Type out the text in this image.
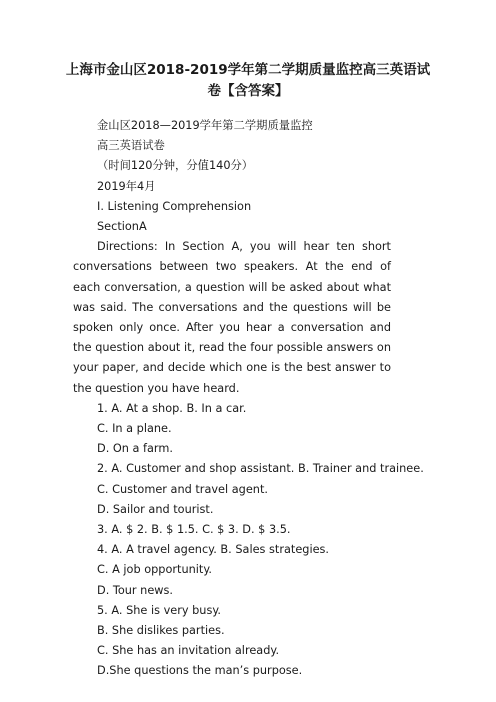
上海市金山区2018-2019学年第二学期质量监控高三英语试卷【含答案】
金山区2018—2019学年第二学期质量监控
高三英语试卷
（时间120分钟，分值140分）
2019年4月
I. Listening Comprehension
SectionA
Directions: In Section A, you will hear ten short conversations between two speakers. At the end of each conversation, a question will be asked about what was said. The conversations and the questions will be spoken only once. After you hear a conversation and the question about it, read the four possible answers on your paper, and decide which one is the best answer to the question you have heard.
1. A. At a shop. B. In a car.
C. In a plane.
D. On a farm.
2. A. Customer and shop assistant. B. Trainer and trainee.
C. Customer and travel agent.
D. Sailor and tourist.
3. A. $ 2. B. $ 1.5. C. $ 3. D. $ 3.5.
4. A. A travel agency. B. Sales strategies.
C. A job opportunity.
D. Tour news.
5. A. She is very busy.
B. She dislikes parties.
C. She has an invitation already.
D.She questions the man’s purpose.
